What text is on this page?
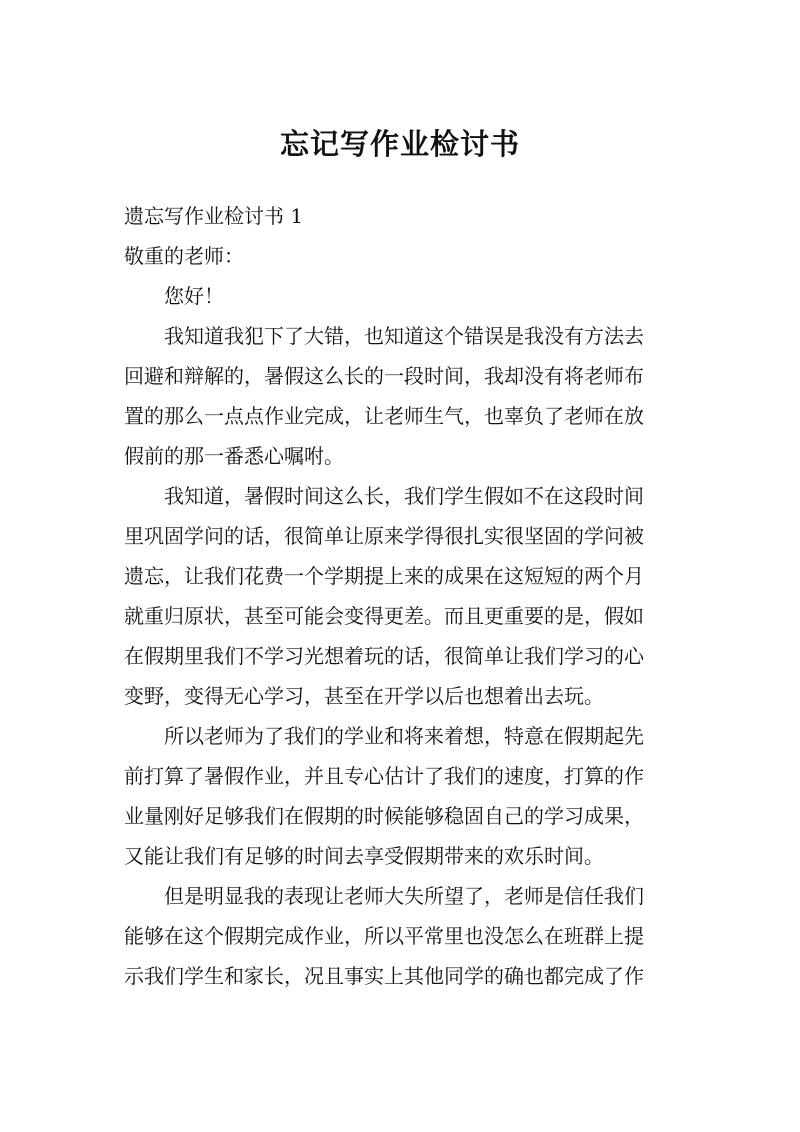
忘记写作业检讨书
遗忘写作业检讨书 1
敬重的老师：
您好！
我知道我犯下了大错，也知道这个错误是我没有方法去
回避和辩解的，暑假这么长的一段时间，我却没有将老师布
置的那么一点点作业完成，让老师生气，也辜负了老师在放
假前的那一番悉心嘱咐。
我知道，暑假时间这么长，我们学生假如不在这段时间
里巩固学问的话，很简单让原来学得很扎实很坚固的学问被
遗忘，让我们花费一个学期提上来的成果在这短短的两个月
就重归原状，甚至可能会变得更差。而且更重要的是，假如
在假期里我们不学习光想着玩的话，很简单让我们学习的心
变野，变得无心学习，甚至在开学以后也想着出去玩。
所以老师为了我们的学业和将来着想，特意在假期起先
前打算了暑假作业，并且专心估计了我们的速度，打算的作
业量刚好足够我们在假期的时候能够稳固自己的学习成果，
又能让我们有足够的时间去享受假期带来的欢乐时间。
但是明显我的表现让老师大失所望了，老师是信任我们
能够在这个假期完成作业，所以平常里也没怎么在班群上提
示我们学生和家长，况且事实上其他同学的确也都完成了作
